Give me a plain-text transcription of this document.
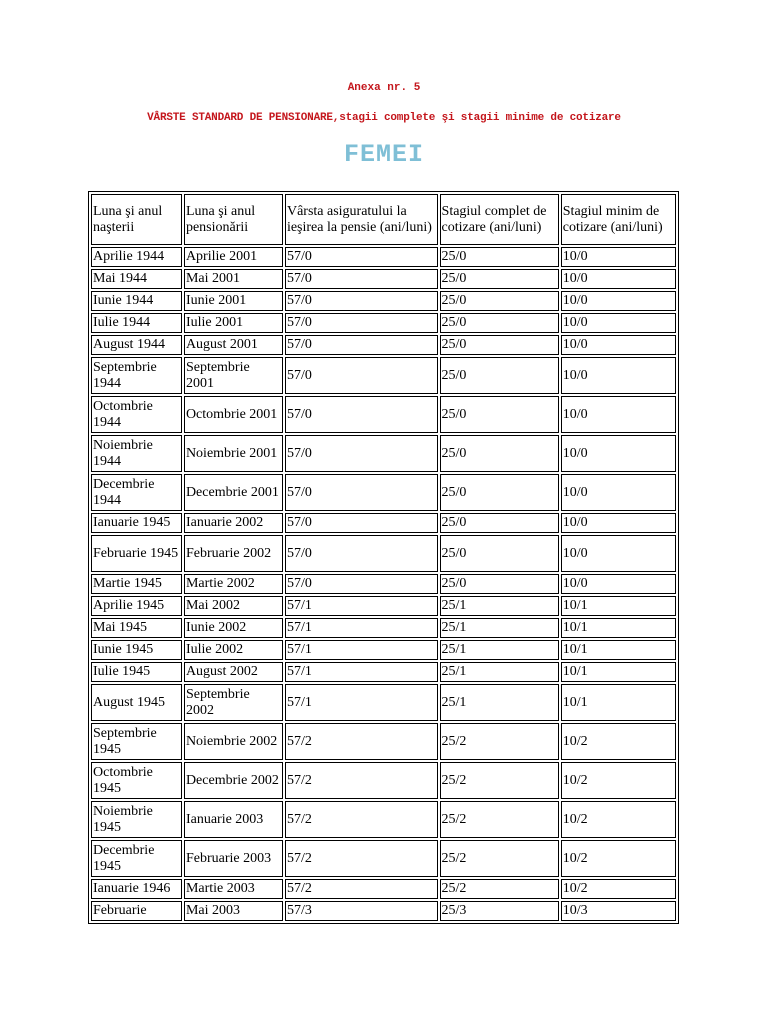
Anexa nr. 5
VÂRSTE STANDARD DE PENSIONARE,stagii complete şi stagii minime de cotizare
FEMEI
Luna şi anul naşterii	Luna şi anul pensionării	Vârsta asiguratului la ieşirea la pensie (ani/luni)	Stagiul complet de cotizare (ani/luni)	Stagiul minim de cotizare (ani/luni)
Aprilie 1944	Aprilie 2001	57/0	25/0	10/0
Mai 1944	Mai 2001	57/0	25/0	10/0
Iunie 1944	Iunie 2001	57/0	25/0	10/0
Iulie 1944	Iulie 2001	57/0	25/0	10/0
August 1944	August 2001	57/0	25/0	10/0
Septembrie 1944	Septembrie 2001	57/0	25/0	10/0
Octombrie 1944	Octombrie 2001	57/0	25/0	10/0
Noiembrie 1944	Noiembrie 2001	57/0	25/0	10/0
Decembrie 1944	Decembrie 2001	57/0	25/0	10/0
Ianuarie 1945	Ianuarie 2002	57/0	25/0	10/0
Februarie 1945	Februarie 2002	57/0	25/0	10/0
Martie 1945	Martie 2002	57/0	25/0	10/0
Aprilie 1945	Mai 2002	57/1	25/1	10/1
Mai 1945	Iunie 2002	57/1	25/1	10/1
Iunie 1945	Iulie 2002	57/1	25/1	10/1
Iulie 1945	August 2002	57/1	25/1	10/1
August 1945	Septembrie 2002	57/1	25/1	10/1
Septembrie 1945	Noiembrie 2002	57/2	25/2	10/2
Octombrie 1945	Decembrie 2002	57/2	25/2	10/2
Noiembrie 1945	Ianuarie 2003	57/2	25/2	10/2
Decembrie 1945	Februarie 2003	57/2	25/2	10/2
Ianuarie 1946	Martie 2003	57/2	25/2	10/2
Februarie	Mai 2003	57/3	25/3	10/3
